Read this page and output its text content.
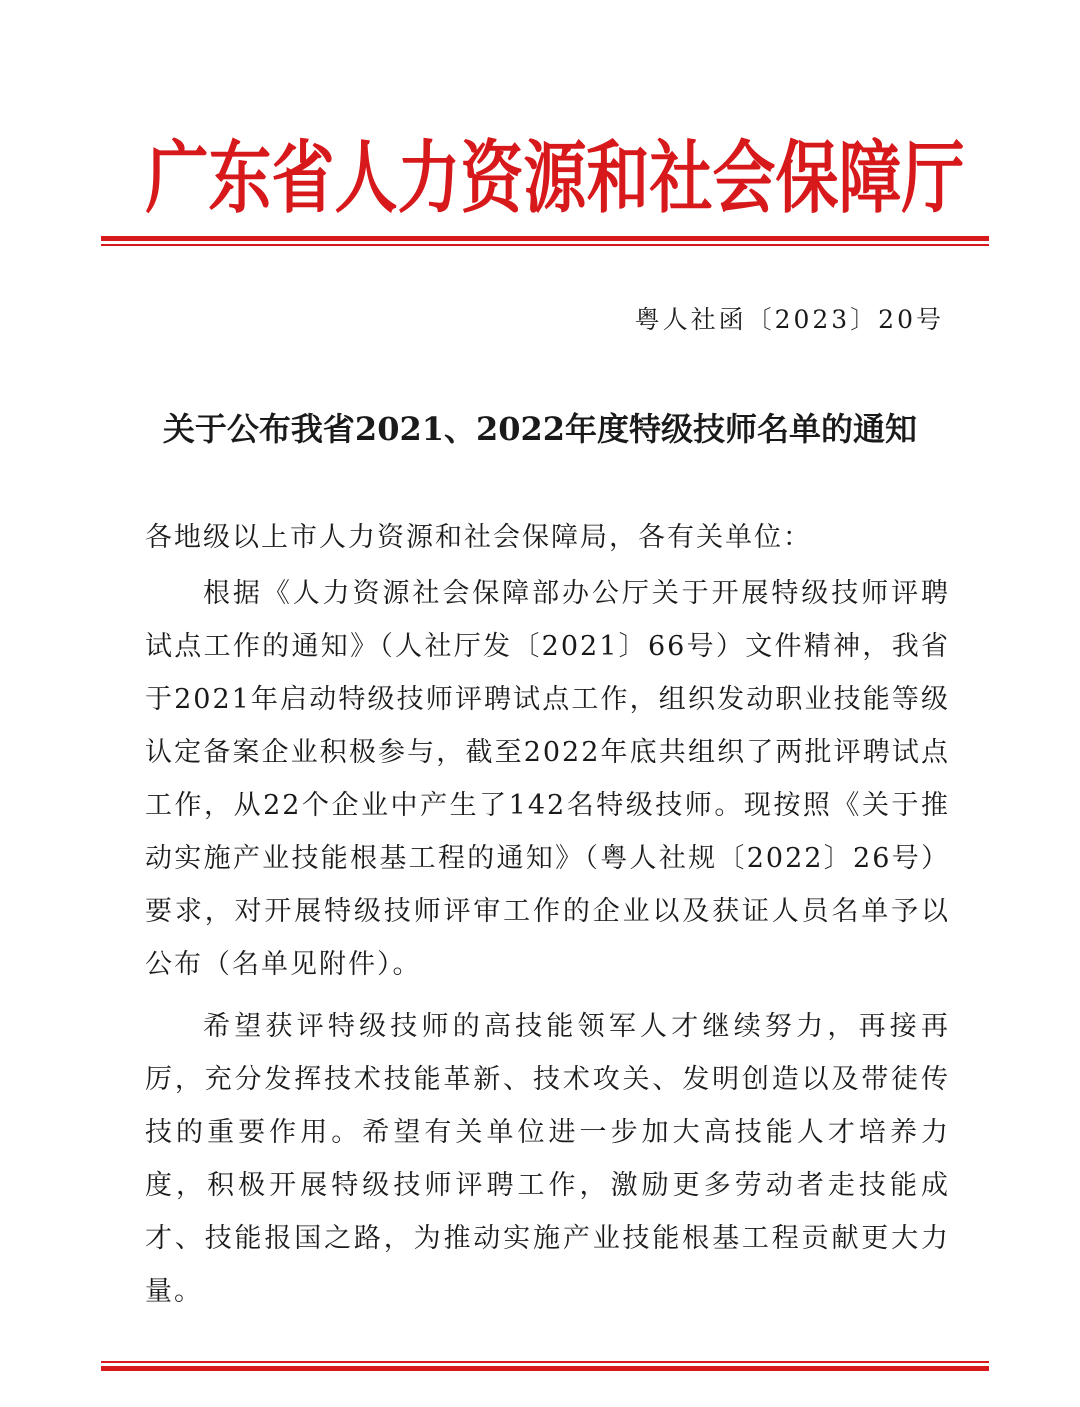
广东省人力资源和社会保障厅
粤人社函〔2023〕20号
关于公布我省2021、2022年度特级技师名单的通知
各地级以上市人力资源和社会保障局，各有关单位：
根据《人力资源社会保障部办公厅关于开展特级技师评聘试点工作的通知》（人社厅发〔2021〕66号）文件精神，我省于2021年启动特级技师评聘试点工作，组织发动职业技能等级认定备案企业积极参与，截至2022年底共组织了两批评聘试点工作，从22个企业中产生了142名特级技师。现按照《关于推动实施产业技能根基工程的通知》（粤人社规〔2022〕26号）要求，对开展特级技师评审工作的企业以及获证人员名单予以公布（名单见附件）。
希望获评特级技师的高技能领军人才继续努力，再接再厉，充分发挥技术技能革新、技术攻关、发明创造以及带徒传技的重要作用。希望有关单位进一步加大高技能人才培养力度，积极开展特级技师评聘工作，激励更多劳动者走技能成才、技能报国之路，为推动实施产业技能根基工程贡献更大力量。
